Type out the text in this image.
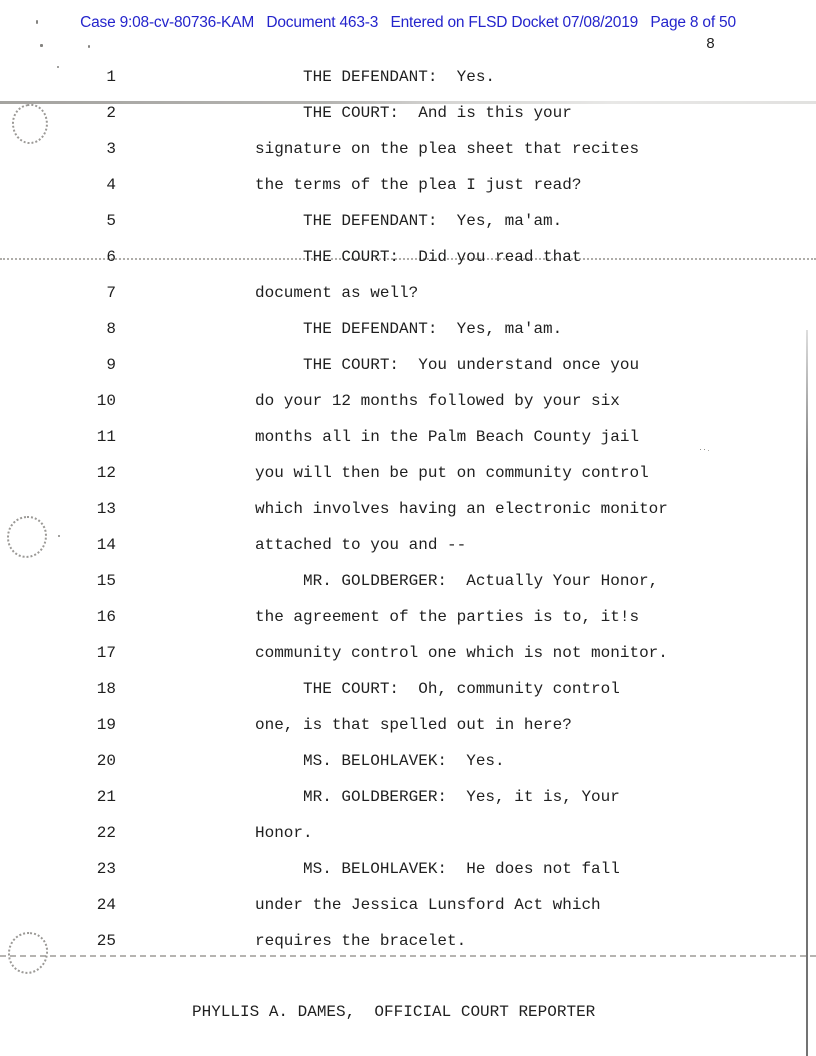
Case 9:08-cv-80736-KAM   Document 463-3   Entered on FLSD Docket 07/08/2019   Page 8 of 50
8
1	THE DEFENDANT:  Yes.
2	THE COURT:  And is this your
3	signature on the plea sheet that recites
4	the terms of the plea I just read?
5	THE DEFENDANT:  Yes, ma'am.
6	THE COURT:  Did you read that
7	document as well?
8	THE DEFENDANT:  Yes, ma'am.
9	THE COURT:  You understand once you
10	do your 12 months followed by your six
11	months all in the Palm Beach County jail
12	you will then be put on community control
13	which involves having an electronic monitor
14	attached to you and --
15	MR. GOLDBERGER:  Actually Your Honor,
16	the agreement of the parties is to, it!s
17	community control one which is not monitor.
18	THE COURT:  Oh, community control
19	one, is that spelled out in here?
20	MS. BELOHLAVEK:  Yes.
21	MR. GOLDBERGER:  Yes, it is, Your
22	Honor.
23	MS. BELOHLAVEK:  He does not fall
24	under the Jessica Lunsford Act which
25	requires the bracelet.
PHYLLIS A. DAMES,  OFFICIAL COURT REPORTER
